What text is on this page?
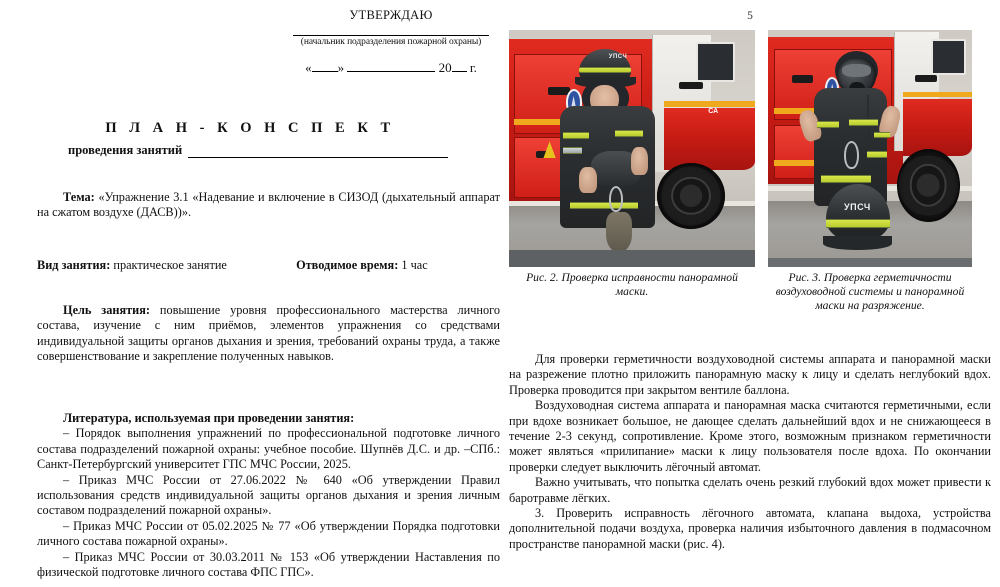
УТВЕРЖДАЮ
(начальник подразделения пожарной охраны)
« »	20 г.
П Л А Н - К О Н С П Е К Т
проведения занятий

Тема: «Упражнение 3.1 «Надевание и включение в СИЗОД (дыхательный аппарат на сжатом воздухе (ДАСВ))».

Вид занятия: практическое занятие	Отводимое время: 1 час

Цель занятия: повышение уровня профессионального мастерства личного состава, изучение с ним приёмов, элементов упражнения со средствами индивидуальной защиты органов дыхания и зрения, требований охраны труда, а также совершенствование и закрепление полученных навыков.

Литература, используемая при проведении занятия:
– Порядок выполнения упражнений по профессиональной подготовке личного состава подразделений пожарной охраны: учебное пособие. Шупнёв Д.С. и др. –СПб.: Санкт-Петербургский университет ГПС МЧС России, 2025.
– Приказ МЧС России от 27.06.2022 № 640 «Об утверждении Правил использования средств индивидуальной защиты органов дыхания и зрения личным составом подразделений пожарной охраны».
– Приказ МЧС России от 05.02.2025 № 77 «Об утверждении Порядка подготовки личного состава пожарной охраны».
– Приказ МЧС России от 30.03.2011 № 153 «Об утверждении Наставления по физической подготовке личного состава ФПС ГПС».
5
СА
УПСЧ
УПСЧ
Рис. 2. Проверка исправности панорамной маски.
Рис. 3. Проверка герметичности воздуховодной системы и панорамной маски на разряжение.

Для проверки герметичности воздуховодной системы аппарата и панорамной маски на разрежение плотно приложить панорамную маску к лицу и сделать неглубокий вдох. Проверка проводится при закрытом вентиле баллона.

Воздуховодная система аппарата и панорамная маска считаются герметичными, если при вдохе возникает большое, не дающее сделать дальнейший вдох и не снижающееся в течение 2-3 секунд, сопротивление. Кроме этого, возможным признаком герметичности может являться «прилипание» маски к лицу пользователя после вдоха. По окончании проверки следует выключить лёгочный автомат.

Важно учитывать, что попытка сделать очень резкий глубокий вдох может привести к баротравме лёгких.

3. Проверить исправность лёгочного автомата, клапана выдоха, устройства дополнительной подачи воздуха, проверка наличия избыточного давления в подмасочном пространстве панорамной маски (рис. 4).
